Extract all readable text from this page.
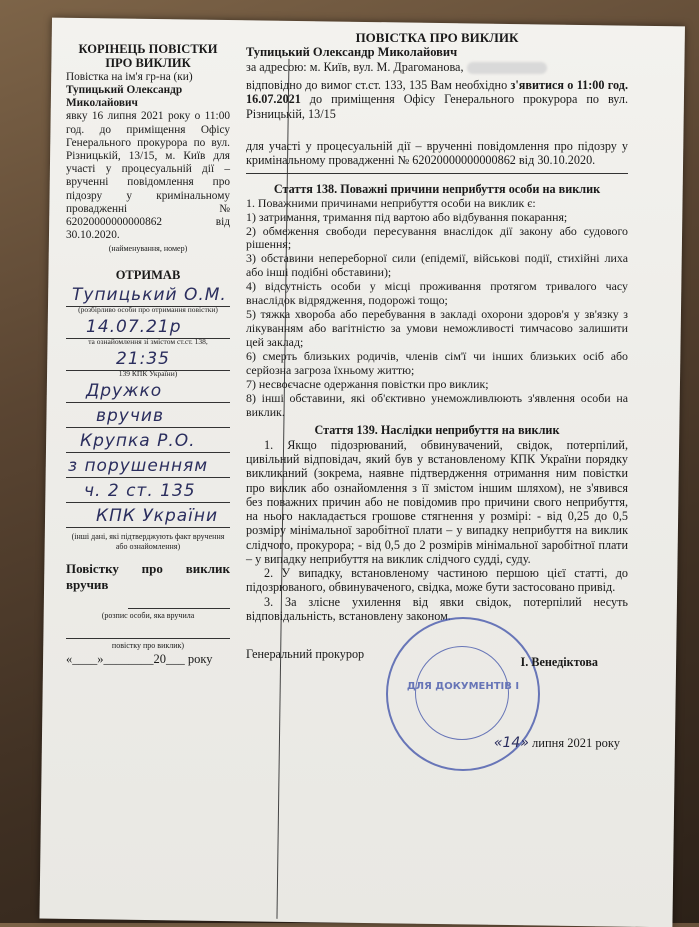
КОРІНЕЦЬ ПОВІСТКИ ПРО ВИКЛИК

Повістка на ім'я гр-на (ки)

Тупицький Олександр Миколайович

явку 16 липня 2021 року о 11:00 год. до приміщення Офісу Генерального прокурора по вул. Різницькій, 13/15, м. Київ для участі у процесуальній дії – врученні повідомлення про підозру у кримінальному провадженні № 62020000000000862 від 30.10.2020.

(найменування, номер)

ОТРИМАВ
Тупицький О.М.
(розбірливо особи про отримання повістки)
14.07.21р
та ознайомлення зі змістом ст.ст. 138,
21:35
139 КПК України)
Дружко
вручив
Крупка Р.О.
з порушенням
ч. 2 ст. 135
КПК України

(інші дані, які підтверджують факт вручення або ознайомлення)

Повістку про виклик вручив

(розпис особи, яка вручила

повістку про виклик)

«____»________20___ року

ПОВІСТКА ПРО ВИКЛИК

Тупицький Олександр Миколайович

за адресою: м. Київ, вул. М. Драгоманова,

відповідно до вимог ст.ст. 133, 135 Вам необхідно з'явитися о 11:00 год. 16.07.2021 до приміщення Офісу Генерального прокурора по вул. Різницькій, 13/15

для участі у процесуальній дії – врученні повідомлення про підозру у кримінальному провадженні № 62020000000000862 від 30.10.2020.

Стаття 138. Поважні причини неприбуття особи на виклик

1. Поважними причинами неприбуття особи на виклик є:

1) затримання, тримання під вартою або відбування покарання;

2) обмеження свободи пересування внаслідок дії закону або судового рішення;

3) обставини непереборної сили (епідемії, військові події, стихійні лиха або інші подібні обставини);

4) відсутність особи у місці проживання протягом тривалого часу внаслідок відрядження, подорожі тощо;

5) тяжка хвороба або перебування в закладі охорони здоров'я у зв'язку з лікуванням або вагітністю за умови неможливості тимчасово залишити цей заклад;

6) смерть близьких родичів, членів сім'ї чи інших близьких осіб або серйозна загроза їхньому життю;

7) несвоєчасне одержання повістки про виклик;

8) інші обставини, які об'єктивно унеможливлюють з'явлення особи на виклик.

Стаття 139. Наслідки неприбуття на виклик

1. Якщо підозрюваний, обвинувачений, свідок, потерпілий, цивільний відповідач, який був у встановленому КПК України порядку викликаний (зокрема, наявне підтвердження отримання ним повістки про виклик або ознайомлення з її змістом іншим шляхом), не з'явився без поважних причин або не повідомив про причини свого неприбуття, на нього накладається грошове стягнення у розмірі: - від 0,25 до 0,5 розміру мінімальної заробітної плати – у випадку неприбуття на виклик слідчого, прокурора; - від 0,5 до 2 розмірів мінімальної заробітної плати – у випадку неприбуття на виклик слідчого судді, суду.

2. У випадку, встановленому частиною першою цієї статті, до підозрюваного, обвинуваченого, свідка, може бути застосовано привід.

3. За злісне ухилення від явки свідок, потерпілий несуть відповідальність, встановлену законом.

ДЛЯ ДОКУМЕНТІВ І
Генеральний прокурор
І. Венедіктова
«14» липня 2021 року
